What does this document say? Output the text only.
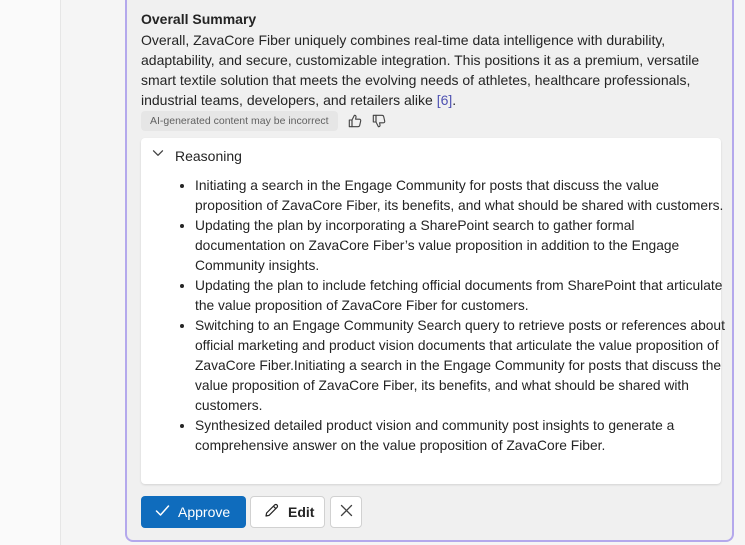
Overall Summary
Overall, ZavaCore Fiber uniquely combines real-time data intelligence with durability, adaptability, and secure, customizable integration. This positions it as a premium, versatile smart textile solution that meets the evolving needs of athletes, healthcare professionals, industrial teams, developers, and retailers alike [6].
AI-generated content may be incorrect
Reasoning
• Initiating a search in the Engage Community for posts that discuss the value proposition of ZavaCore Fiber, its benefits, and what should be shared with customers.
• Updating the plan by incorporating a SharePoint search to gather formal documentation on ZavaCore Fiber’s value proposition in addition to the Engage Community insights.
• Updating the plan to include fetching official documents from SharePoint that articulate the value proposition of ZavaCore Fiber for customers.
• Switching to an Engage Community Search query to retrieve posts or references about official marketing and product vision documents that articulate the value proposition of ZavaCore Fiber.Initiating a search in the Engage Community for posts that discuss the value proposition of ZavaCore Fiber, its benefits, and what should be shared with customers.
• Synthesized detailed product vision and community post insights to generate a comprehensive answer on the value proposition of ZavaCore Fiber.
Approve	Edit
